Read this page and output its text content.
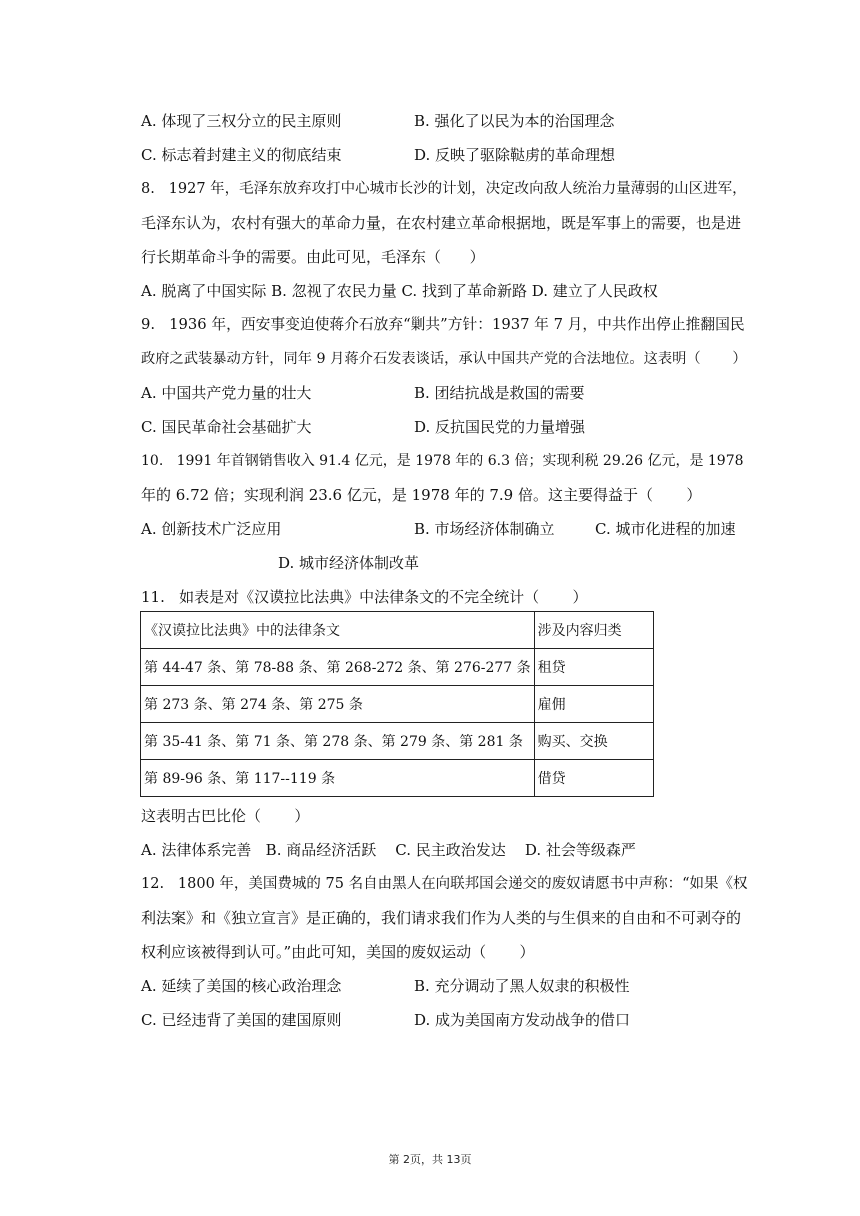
A. 体现了三权分立的民主原则	B. 强化了以民为本的治国理念
C. 标志着封建主义的彻底结束	D. 反映了驱除鞑虏的革命理想
8.   1927 年，毛泽东放弃攻打中心城市长沙的计划，决定改向敌人统治力量薄弱的山区进军，
毛泽东认为，农村有强大的革命力量，在农村建立革命根据地，既是军事上的需要，也是进
行长期革命斗争的需要。由此可见，毛泽东（      ）
A. 脱离了中国实际 B. 忽视了农民力量 C. 找到了革命新路 D. 建立了人民政权
9.   1936 年，西安事变迫使蒋介石放弃“剿共”方针：1937 年 7 月，中共作出停止推翻国民
政府之武装暴动方针，同年 9 月蒋介石发表谈话，承认中国共产党的合法地位。这表明（       ）
A. 中国共产党力量的壮大	B. 团结抗战是救国的需要
C. 国民革命社会基础扩大	D. 反抗国民党的力量增强
10.   1991 年首钢销售收入 91.4 亿元，是 1978 年的 6.3 倍；实现利税 29.26 亿元，是 1978
年的 6.72 倍；实现利润 23.6 亿元，是 1978 年的 7.9 倍。这主要得益于（       ）
A. 创新技术广泛应用	B. 市场经济体制确立	C. 城市化进程的加速
D. 城市经济体制改革
11.   如表是对《汉谟拉比法典》中法律条文的不完全统计（       ）
《汉谟拉比法典》中的法律条文	涉及内容归类
第 44-47 条、第 78-88 条、第 268-272 条、第 276-277 条	租贷
第 273 条、第 274 条、第 275 条	雇佣
第 35-41 条、第 71 条、第 278 条、第 279 条、第 281 条	购买、交换
第 89-96 条、第 117--119 条	借贷
这表明古巴比伦（       ）
A. 法律体系完善   B. 商品经济活跃    C. 民主政治发达    D. 社会等级森严
12.   1800 年，美国费城的 75 名自由黑人在向联邦国会递交的废奴请愿书中声称：“如果《权
利法案》和《独立宣言》是正确的，我们请求我们作为人类的与生俱来的自由和不可剥夺的
权利应该被得到认可。”由此可知，美国的废奴运动（       ）
A. 延续了美国的核心政治理念	B. 充分调动了黑人奴隶的积极性
C. 已经违背了美国的建国原则	D. 成为美国南方发动战争的借口
第 2页，共 13页
